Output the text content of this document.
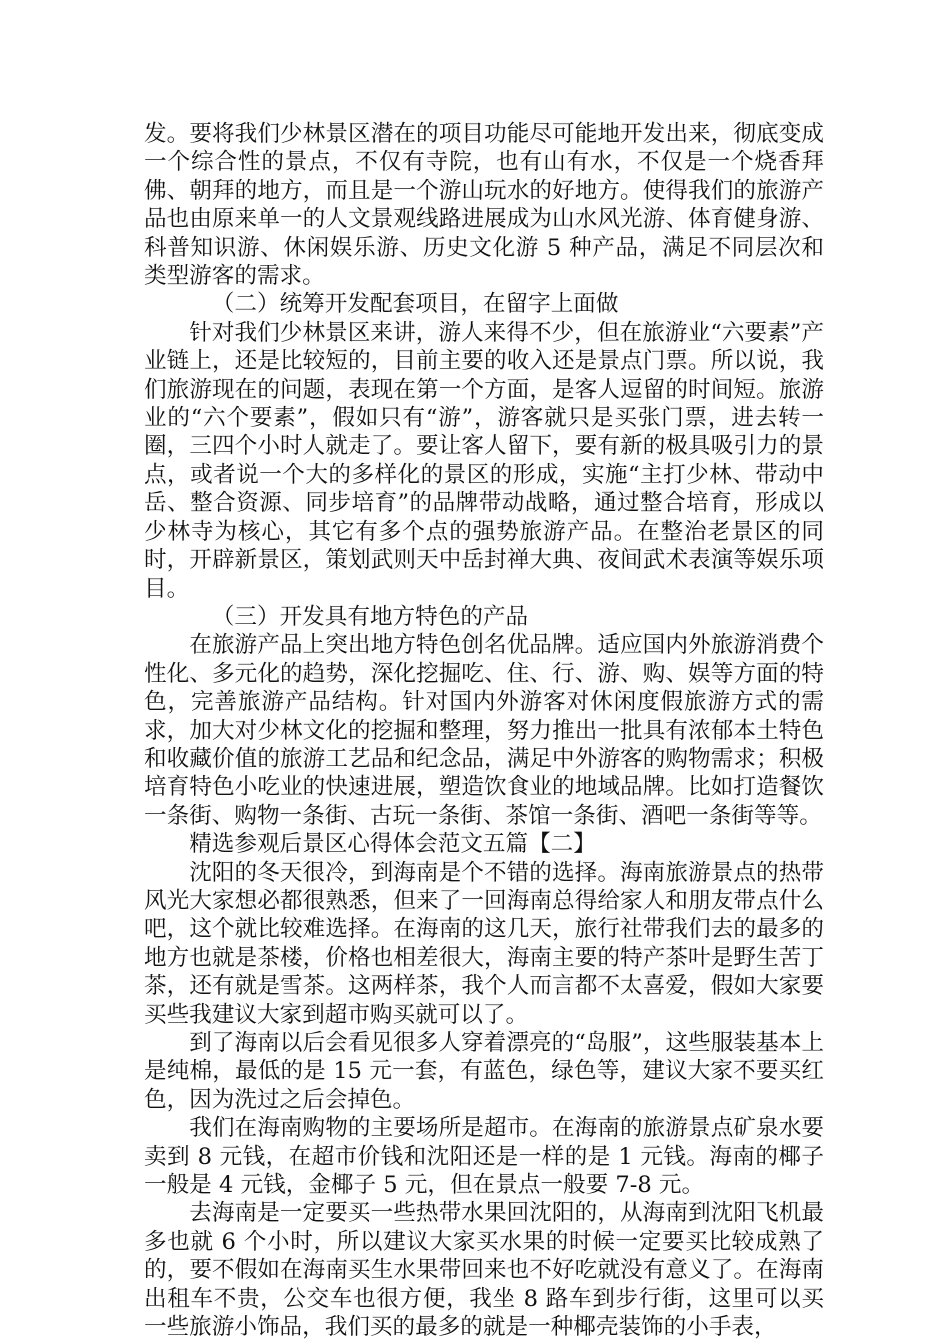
发。要将我们少林景区潜在的项目功能尽可能地开发出来，彻底变成一个综合性的景点，不仅有寺院，也有山有水，不仅是一个烧香拜佛、朝拜的地方，而且是一个游山玩水的好地方。使得我们的旅游产品也由原来单一的人文景观线路进展成为山水风光游、体育健身游、科普知识游、休闲娱乐游、历史文化游 5 种产品，满足不同层次和类型游客的需求。

（二）统筹开发配套项目，在留字上面做

针对我们少林景区来讲，游人来得不少，但在旅游业“六要素”产业链上，还是比较短的，目前主要的收入还是景点门票。所以说，我们旅游现在的问题，表现在第一个方面，是客人逗留的时间短。旅游业的“六个要素”，假如只有“游”，游客就只是买张门票，进去转一圈，三四个小时人就走了。要让客人留下，要有新的极具吸引力的景点，或者说一个大的多样化的景区的形成，实施“主打少林、带动中岳、整合资源、同步培育”的品牌带动战略，通过整合培育，形成以少林寺为核心，其它有多个点的强势旅游产品。在整治老景区的同时，开辟新景区，策划武则天中岳封禅大典、夜间武术表演等娱乐项目。

（三）开发具有地方特色的产品

在旅游产品上突出地方特色创名优品牌。适应国内外旅游消费个性化、多元化的趋势，深化挖掘吃、住、行、游、购、娱等方面的特色，完善旅游产品结构。针对国内外游客对休闲度假旅游方式的需求，加大对少林文化的挖掘和整理，努力推出一批具有浓郁本土特色和收藏价值的旅游工艺品和纪念品，满足中外游客的购物需求；积极培育特色小吃业的快速进展，塑造饮食业的地域品牌。比如打造餐饮一条街、购物一条街、古玩一条街、茶馆一条街、酒吧一条街等等。

精选参观后景区心得体会范文五篇【二】

沈阳的冬天很冷，到海南是个不错的选择。海南旅游景点的热带风光大家想必都很熟悉，但来了一回海南总得给家人和朋友带点什么吧，这个就比较难选择。在海南的这几天，旅行社带我们去的最多的地方也就是茶楼，价格也相差很大，海南主要的特产茶叶是野生苦丁茶，还有就是雪茶。这两样茶，我个人而言都不太喜爱，假如大家要买些我建议大家到超市购买就可以了。

到了海南以后会看见很多人穿着漂亮的“岛服”，这些服装基本上是纯棉，最低的是 15 元一套，有蓝色，绿色等，建议大家不要买红色，因为洗过之后会掉色。

我们在海南购物的主要场所是超市。在海南的旅游景点矿泉水要卖到 8 元钱，在超市价钱和沈阳还是一样的是 1 元钱。海南的椰子一般是 4 元钱，金椰子 5 元，但在景点一般要 7-8 元。

去海南是一定要买一些热带水果回沈阳的，从海南到沈阳飞机最多也就 6 个小时，所以建议大家买水果的时候一定要买比较成熟了的，要不假如在海南买生水果带回来也不好吃就没有意义了。在海南出租车不贵，公交车也很方便，我坐 8 路车到步行街，这里可以买一些旅游小饰品，我们买的最多的就是一种椰壳装饰的小手表，
